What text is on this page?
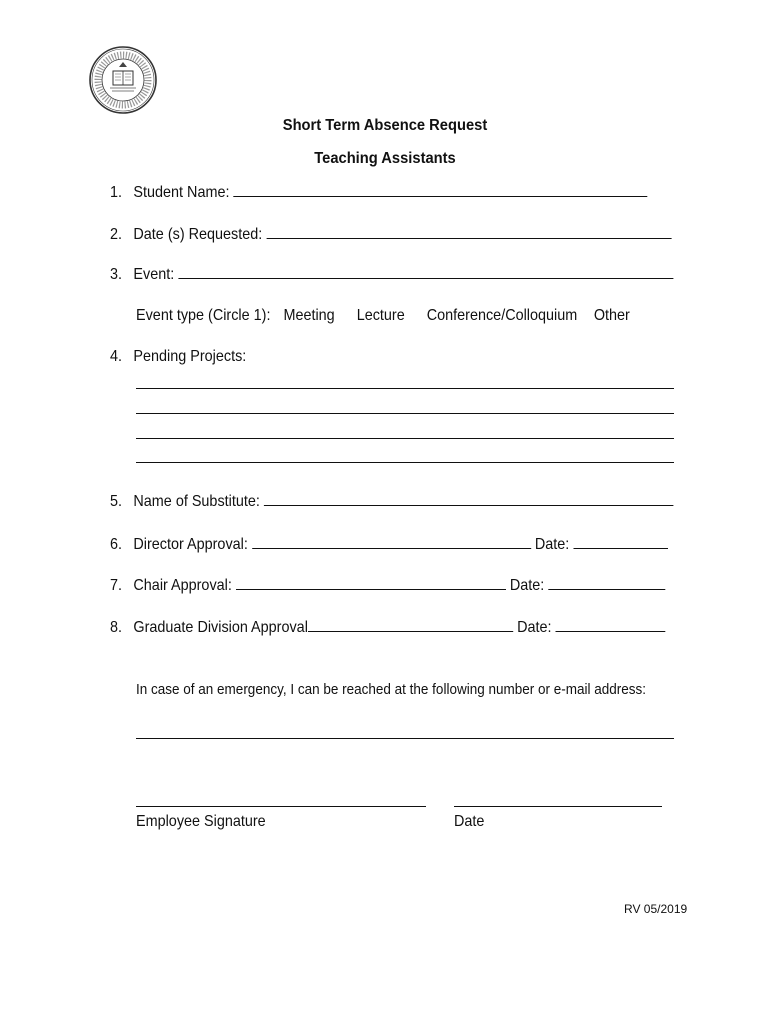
Short Term Absence Request
Teaching Assistants
1. Student Name:
2. Date (s) Requested:
3. Event:
Event type (Circle 1): Meeting Lecture Conference/Colloquium Other
4. Pending Projects:
5. Name of Substitute:
6. Director Approval:	Date:
7. Chair Approval:	Date:
8. Graduate Division Approval	Date:
In case of an emergency, I can be reached at the following number or e-mail address:
Employee Signature	Date
RV 05/2019
